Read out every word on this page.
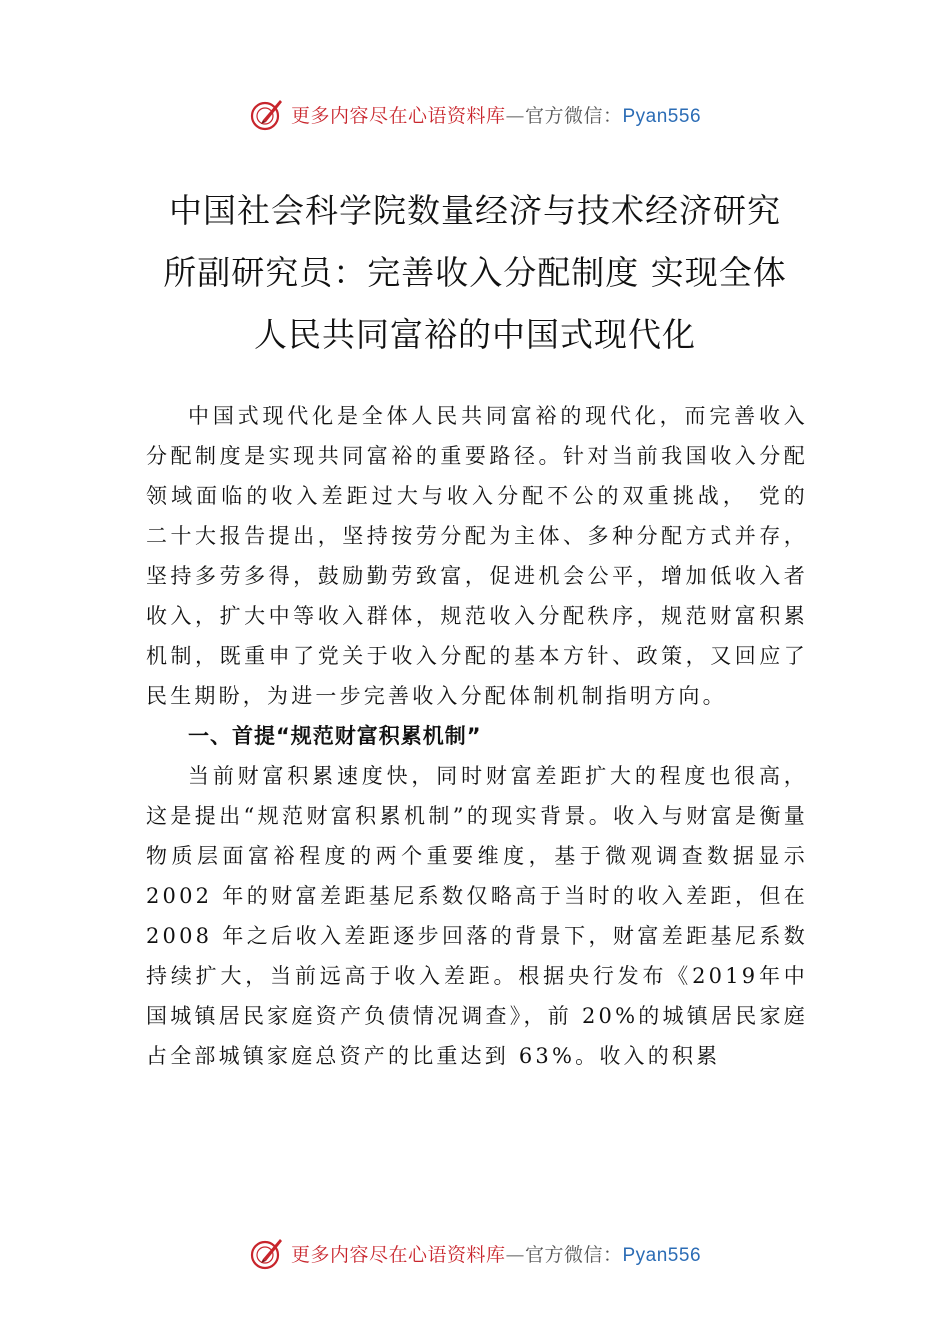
更多内容尽在心语资料库—官方微信：Pyan556
中国社会科学院数量经济与技术经济研究
所副研究员：完善收入分配制度 实现全体
人民共同富裕的中国式现代化

中国式现代化是全体人民共同富裕的现代化，而完善收入分配制度是实现共同富裕的重要路径。针对当前我国收入分配领域面临的收入差距过大与收入分配不公的双重挑战， 党的二十大报告提出，坚持按劳分配为主体、多种分配方式并存，坚持多劳多得，鼓励勤劳致富，促进机会公平，增加低收入者收入，扩大中等收入群体，规范收入分配秩序，规范财富积累机制，既重申了党关于收入分配的基本方针、政策，又回应了民生期盼，为进一步完善收入分配体制机制指明方向。

一、首提“规范财富积累机制”

当前财富积累速度快，同时财富差距扩大的程度也很高，这是提出“规范财富积累机制”的现实背景。收入与财富是衡量物质层面富裕程度的两个重要维度，基于微观调查数据显示 2002 年的财富差距基尼系数仅略高于当时的收入差距，但在 2008 年之后收入差距逐步回落的背景下，财富差距基尼系数持续扩大，当前远高于收入差距。根据央行发布《2019年中国城镇居民家庭资产负债情况调查》，前 20%的城镇居民家庭占全部城镇家庭总资产的比重达到 63%。收入的积累

更多内容尽在心语资料库—官方微信：Pyan556
